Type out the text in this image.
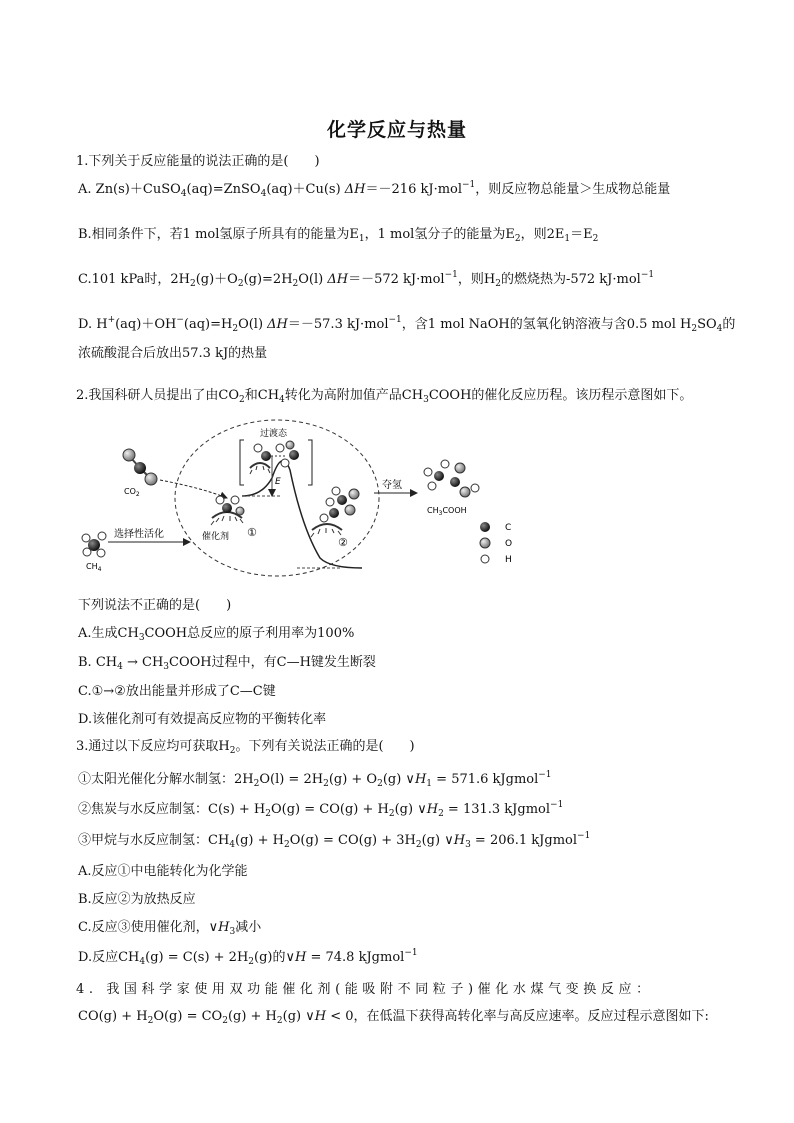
化学反应与热量
1.下列关于反应能量的说法正确的是(　　)
A. Zn(s)＋CuSO$_4$(aq)=ZnSO$_4$(aq)＋Cu(s) ΔH＝－216 kJ·mol$^{-1}$，则反应物总能量＞生成物总能量
B.相同条件下，若1 mol氢原子所具有的能量为$E_1$，1 mol氢分子的能量为$E_2$，则$2E_1=E_2$
C.101 kPa时，$2H_2(g)+O_2(g)=2H_2O(l)$ ΔH＝－572 kJ·mol$^{-1}$，则$H_2$的燃烧热为-572 kJ·mol$^{-1}$
D. $H^+(aq)+OH^-(aq)=H_2O(l)$ ΔH＝－57.3 kJ·mol$^{-1}$，含1 mol NaOH的氢氧化钠溶液与含0.5 mol $H_2SO_4$的
浓硫酸混合后放出57.3 kJ的热量
2.我国科研人员提出了由$CO_2$和$CH_4$转化为高附加值产品$CH_3COOH$的催化反应历程。该历程示意图如下。
$CO_2$
$CH_4$
选择性活化	催化剂 ①
E
过渡态
②
夺氢
$CH_3COOH$
C
O
H
下列说法不正确的是(　　)
A.生成$CH_3COOH$总反应的原子利用率为100%
B. $CH_4$ → $CH_3COOH$过程中，有C—H键发生断裂
C.①→②放出能量并形成了C—C键
D.该催化剂可有效提高反应物的平衡转化率
3.通过以下反应均可获取$H_2$。下列有关说法正确的是(　　)
①太阳光催化分解水制氢：$2H_2O(l) = 2H_2(g) + O_2(g)$ $\vee H_1 = 571.6$ kJgmol$^{-1}$
②焦炭与水反应制氢：$C(s) + H_2O(g) = CO(g) + H_2(g)$ $\vee H_2 = 131.3$ kJgmol$^{-1}$
③甲烷与水反应制氢：$CH_4(g) + H_2O(g) = CO(g) + 3H_2(g)$ $\vee H_3 = 206.1$ kJgmol$^{-1}$
A.反应①中电能转化为化学能
B.反应②为放热反应
C.反应③使用催化剂，$\vee H_3$减小
D.反应$CH_4(g) = C(s) + 2H_2(g)$的∨H = 74.8 kJgmol$^{-1}$
4. 我国科学家使用双功能催化剂(能吸附不同粒子)催化水煤气变换反应：
$CO(g) + H_2O(g) = CO_2(g) + H_2(g)$ ∨H < 0，在低温下获得高转化率与高反应速率。反应过程示意图如下:
